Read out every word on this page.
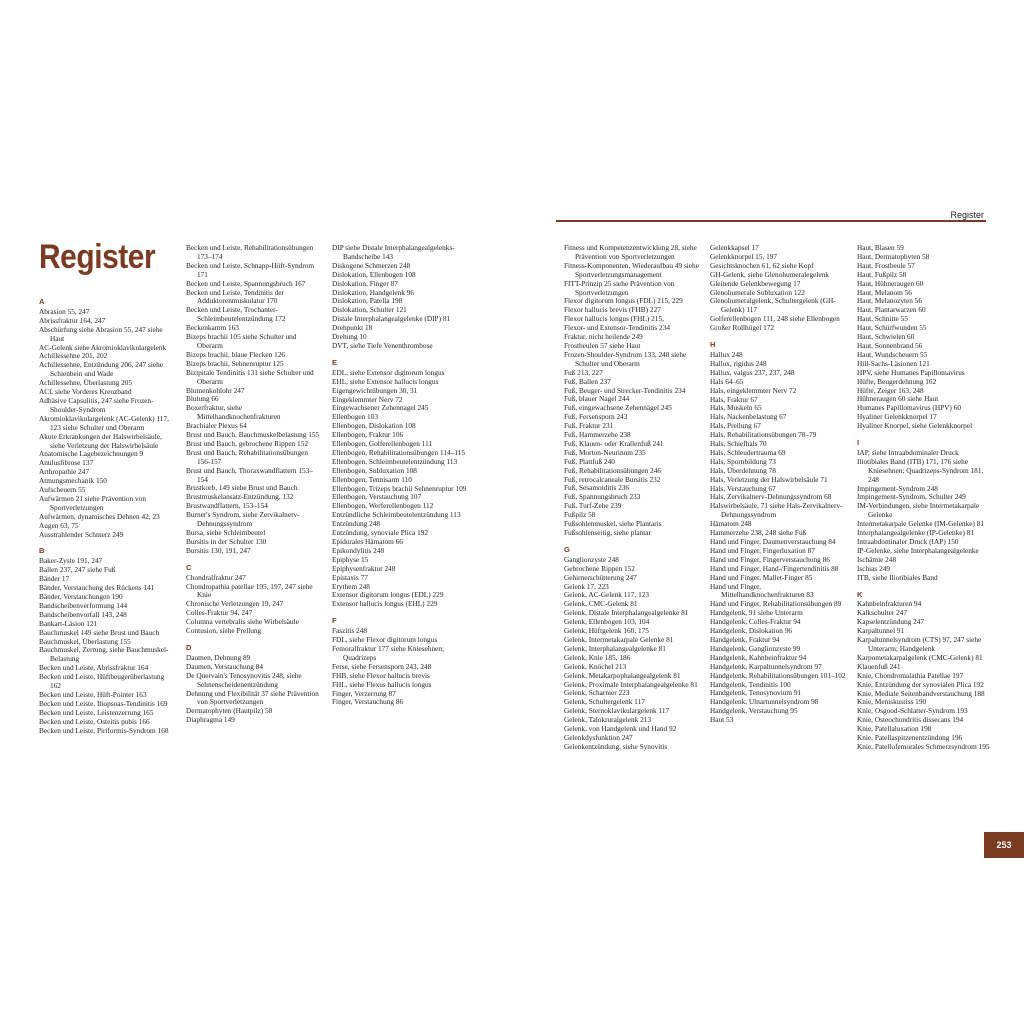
Register
Register
A
Abrasion 55, 247
Abrissfraktur 164, 247
Abschürfung siehe Abrasion 55, 247 siehe Haut
AC-Gelenk siehe Akromioklavikulargelenk
Achillessehne 201, 202
Achillessehne, Entzündung 206, 247 siehe Schienbein und Wade
Achillessehne, Überlastung 205
ACL siehe Vorderes Kreuzband
Adhäsive Capsulitis, 247 siehe Frozen-Shoulder-Syndrom
Akromioklavikulargelenk (AC-Gelenk) 117, 123 siehe Schulter und Oberarm
Akute Erkrankungen der Halswirbelsäule, siehe Verletzung der Halswirbelsäule
Anatomische Lagebezeichnungen 9
Anulusfibrose 137
Arthropathie 247
Atmungsmechanik 150
Aufscheuern 55
Aufwärmen 21 siehe Prävention von Sportverletzungen
Aufwärmen, dynamisches Dehnen 42, 23
Augen 63, 75
Ausstrahlender Schmerz 249
B
Baker-Zyste 191, 247
Ballen 237, 247 siehe Fuß
Bänder 17
Bänder, Verstauchung des Rückens 141
Bänder, Verstauchungen 190
Bandscheibenverformung 144
Bandscheibenvorfall 143, 248
Bankart-Läsion 121
Bauchmuskel 149 siehe Brust und Bauch
Bauchmuskel, Überlastung 155
Bauchmuskel, Zerrung, siehe Bauchmuskel-Belastung
Becken und Leiste, Abrissfraktur 164
Becken und Leiste, Hüftbeugerüberlastung 162
Becken und Leiste, Hüft-Pointer 163
Becken und Leiste, Iliopsoas-Tendinitis 169
Becken und Leiste, Leistenzerrung 165
Becken und Leiste, Osteitis pubis 166
Becken und Leiste, Piriformis-Syndrom 168
Becken und Leiste, Rehabilitationsübungen 173–174
Becken und Leiste, Schnapp-Hüft-Syndrom 171
Becken und Leiste, Spannungsbruch 167
Becken und Leiste, Tendinitis der Adduktorenmuskulatur 170
Becken und Leiste, Trochanter-Schleimbeutelentzündung 172
Beckenkamm 163
Bizeps brachii 105 siehe Schulter und Oberarm
Bizeps brachii, blaue Flecken 126
Bizeps brachii, Sehnenruptur 125
Bizipitale Tendinitis 131 siehe Schulter und Oberarm
Blumenkohlohr 247
Blutung 66
Boxerfraktur, siehe Mittelhandknochenfrakturen
Brachialer Plexus 64
Brust und Bauch, Bauchmuskelbelastung 155
Brust und Bauch, gebrochene Rippen 152
Brust und Bauch, Rehabilitationsübungen 156-157
Brust und Bauch, Thoraxwandflattern 153–154
Brustkorb, 149 siehe Brust und Bauch
Brustmuskelansatz-Entzündung, 132
Brustwandflattern, 153–154
Burner's Syndrom, siehe Zervikalnerv-Dehnungssyndrom
Bursa, siehe Schleimbeutel
Bursitis in der Schulter 130
Bursitis 130, 191, 247
C
Chondralfraktur 247
Chondropathia patellae 195, 197, 247 siehe Knie
Chronische Verletzungen 19, 247
Colles-Fraktur 94, 247
Columna vertebralis siehe Wirbelsäule
Contusion, siehe Prellung
D
Daumen, Dehnung 89
Daumen, Verstauchung 84
De Quervain's Tenosynovitis 248, siehe Sehnenscheidenentzündung
Dehnung und Flexibilität 37 siehe Prävention von Sportverletzungen
Dermatophyten (Hautpilz) 58
Diaphragma 149
DIP siehe Distale Interphalangealgelenks-Bandscheibe 143
Diskogene Schmerzen 248
Dislokation, Ellenbogen 108
Dislokation, Finger 87
Dislokation, Handgelenk 96
Dislokation, Patella 198
Dislokation, Schulter 121
Distale Interphalangealgelenke (DIP) 81
Drehpunkt 18
Drehung 10
DVT, siehe Tiefe Venenthrombose
E
EDL, siehe Extensor digitorum longus
EHL, siehe Extensor hallucis longus
Eigengewichtübungen 30, 31
Eingeklemmter Nerv 72
Eingewachsener Zehennagel 245
Ellenbogen 103
Ellenbogen, Dislokation 108
Ellenbogen, Fraktur 106
Ellenbogen, Golferellenbogen 111
Ellenbogen, Rehabilitationsübungen 114–115
Ellenbogen, Schleimbeutelentzündung 113
Ellenbogen, Subluxation 108
Ellenbogen, Tennisarm 110
Ellenbogen, Trizeps brachii Sehnenruptur 109
Ellenbogen, Verstauchung 107
Ellenbogen, Werferellenbogen 112
Entzündliche Schleimbeutelentzündung 113
Entzündung 248
Entzündung, synoviale Plica 192
Epidurales Hämatom 66
Epikondylitis 248
Epiphyse 15
Epiphysenfraktur 248
Epistaxis 77
Erythem 248
Extensor digitorum longus (EDL) 229
Extensor hallucis longus (EHL) 229
F
Faszitis 248
FDL, siehe Flexor digitorum longus
Femoralfraktur 177 siehe Kniesehnen; Quadrizeps
Ferse, siehe Fersensporn 243, 248
FHB, siehe Flexor hallucis brevis
FHL, siehe Flexus hallucis longus
Finger, Verzerrung 87
Finger, Verstauchung 86
Fitness und Kompetenzentwicklung 28, siehe Prävention von Sportverletzungen
Fitness-Komponenten, Wiederaufbau 49 siehe Sportverletzungsmanagement
FITT-Prinzip 25 siehe Prävention von Sportverletzungen
Flexor digitorum longus (FDL) 215, 229
Flexor hallucis brevis (FHB) 227
Flexor hallucis longus (FHL) 215,
Flexor- und Extensor-Tendinitis 234
Fraktur, nicht heilende 249
Frostbeulen 57 siehe Haut
Frozen-Shoulder-Syndrom 133, 248 siehe Schulter und Oberarm
Fuß 213, 227
Fuß, Ballen 237
Fuß, Beuger- und Strecker-Tendinitis 234
Fuß, blauer Nagel 244
Fuß, eingewachsene Zehennägel 245
Fuß, Fersensporn 243
Fuß, Fraktur 231
Fuß, Hammerzehe 238
Fuß, Klauen- oder Krallenfuß 241
Fuß, Morton-Neurinom 235
Fuß, Plattfuß 240
Fuß, Rehabilitationsübungen 246
Fuß, retrocalcaneale Bursitis 232
Fuß, Sesamoiditis 236
Fuß, Spannungsbruch 233
Fuß, Turf-Zehe 239
Fußpilz 58
Fußsohlenmuskel, siehe Plantaris
Fußsohlenseitig, siehe plantar
G
Ganglionzyste 248
Gebrochene Rippen 152
Gehirnerschütterung 247
Gelenk 17, 223
Gelenk, AC-Gelenk 117, 123
Gelenk, CMC-Gelenk 81
Gelenk, Distale Interphalangealgelenke 81
Gelenk, Ellenbogen 103, 104
Gelenk, Hüftgelenk 160, 175
Gelenk, Intermetakarpale Gelenke 81
Gelenk, Interphalangealgelenke 81
Gelenk, Knie 185, 186
Gelenk, Knöchel 213
Gelenk, Metakarpophalangealgelenk 81
Gelenk, Proximale Interphalangealgelenke 81
Gelenk, Scharnier 223
Gelenk, Schultergelenk 117
Gelenk, Sternoklavikulargelenk 117
Gelenk, Talokruralgelenk 213
Gelenk, von Handgelenk und Hand 92
Gelenkdysfunktion 247
Gelenkentzündung, siehe Synovitis
Gelenkkapsel 17
Gelenkknorpel 15, 197
Gesichtsknochen 61, 62 siehe Kopf
GH-Gelenk, siehe Glenohumeralegelenk
Gleitende Gelenkbewegung 17
Glenohumerale Subluxation 122
Glenohumeralgelenk, Schultergelenk (GH-Gelenk) 117
Golferellenbogen 111, 248 siehe Ellenbogen
Großer Rollhügel 172
H
Hallux 248
Hallux, rigidus 248
Hallux, valgus 237, 237, 248
Hals 64–65
Hals, eingeklemmter Nerv 72
Hals, Fraktur 67
Hals, Muskeln 65
Hals, Nackenbelastung 67
Hals, Prellung 67
Hals, Rehabilitationsübungen 78–79
Hals, Schiefhals 70
Hals, Schleudertrauma 69
Hals, Spornbildung 73
Hals, Überdehnung 78
Hals, Verletzung der Halswirbelsäule 71
Hals, Verstauchung 67
Hals, Zervikalnerv-Dehnungssyndrom 68
Halswirbelsäule, 71 siehe Hals-Zervikalnerv-Dehnungssyndrom
Hämatom 248
Hammerzehe 238, 248 siehe Fuß
Hand und Finger, Daumenverstauchung 84
Hand und Finger, Fingerluxation 87
Hand und Finger, Fingerverstauchung 86
Hand und Finger, Hand-/Fingertendinitis 88
Hand und Finger, Mallet-Finger 85
Hand und Finger, Mittelhandknochenfrakturen 83
Hand und Finger, Rehabilitationsübungen 89
Handgelenk, 91 siehe Unterarm
Handgelenk, Colles-Fraktur 94
Handgelenk, Dislokation 96
Handgelenk, Fraktur 94
Handgelenk, Ganglionzyste 99
Handgelenk, Kahnbeinfraktur 94
Handgelenk, Karpaltunnelsyndrom 97
Handgelenk, Rehabilitationsübungen 101–102
Handgelenk, Tendinitis 100
Handgelenk, Tenosynovium 91
Handgelenk, Ulnartunnelsyndrom 98
Handgelenk, Verstauchung 95
Haut 53
Haut, Blasen 59
Haut, Dermatophyten 58
Haut, Frostbeule 57
Haut, Fußpilz 58
Haut, Hühneraugen 60
Haut, Melanom 56
Haut, Melanozyten 56
Haut, Plantarwarzen 60
Haut, Schnitte 55
Haut, Schürfwunden 55
Haut, Schwielen 60
Haut, Sonnenbrand 56
Haut, Wundscheuern 55
Hill-Sachs-Läsionen 121
HPV, siehe Humanes Papillomavirus
Hüfte, Beugerdehnung 162
Hüfte, Zeiger 163, 248
Hühneraugen 60 siehe Haut
Humanes Papillomavirus (HPV) 60
Hyaliner Gelenkknorpel 17
Hyaliner Knorpel, siehe Gelenkknorpel
I
IAP, siehe Intraabdominaler Druck
Iliotibiales Band (ITB) 171, 176 siehe Kniesehnen; Quadrizeps-Syndrom 181, 248
Impingement-Syndrom 248
Impingement-Syndrom, Schulter 249
IM-Verbindungen, siehe Intermetakarpale Gelenke
Intermetakarpale Gelenke (IM-Gelenke) 81
Interphalangealgelenke (IP-Gelenke) 81
Intraabdominaler Druck (IAP) 150
IP-Gelenke, siehe Interphalangealgelenke
Ischämie 248
Ischias 249
ITB, siehe Iliotibiales Band
K
Kahnbeinfrakturen 94
Kalkschulter 247
Kapselentzündung 247
Karpaltunnel 91
Karpaltunnelsyndrom (CTS) 97, 247 siehe Unterarm; Handgelenk
Karpometakarpalgelenk (CMC-Gelenk) 81
Klauenfuß 241
Knie, Chondromalathia Patellae 197
Knie, Entzündung der synovialen Plica 192
Knie, Mediale Seitenbandverstauchung 188
Knie, Meniskusriss 190
Knie, Osgood-Schlatter-Syndrom 193
Knie, Osteochondritis dissecans 194
Knie, Patellaluxation 198
Knie, Patellaspitzenentzündung 196
Knie, Patellofemorales Schmerzsyndrom 195
253
